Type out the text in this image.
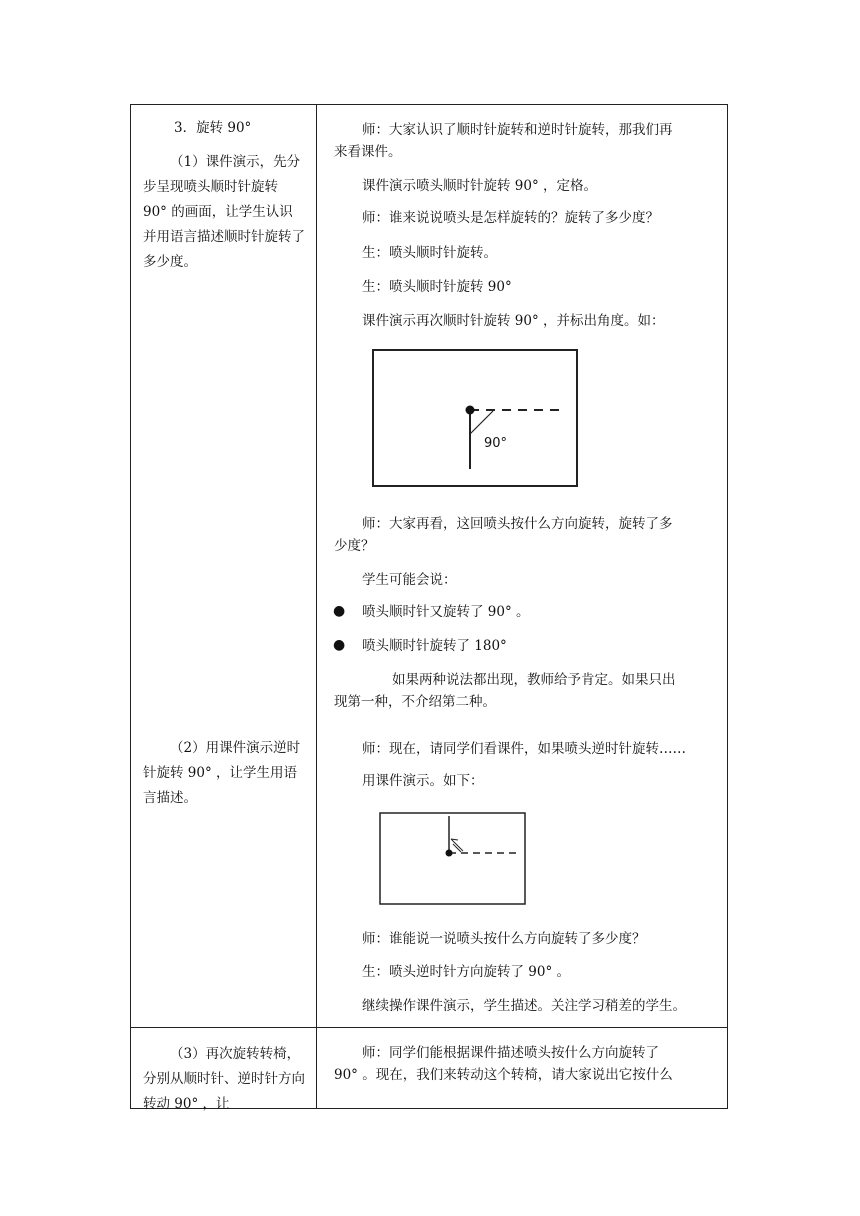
3．旋转 90°
（1）课件演示，先分步呈现喷头顺时针旋转 90° 的画面，让学生认识并用语言描述顺时针旋转了多少度。
（2）用课件演示逆时针旋转 90° ，让学生用语言描述。
（3）再次旋转转椅，分别从顺时针、逆时针方向转动 90° ，让
师：大家认识了顺时针旋转和逆时针旋转，那我们再
来看课件。
课件演示喷头顺时针旋转 90° ，定格。
师：谁来说说喷头是怎样旋转的？旋转了多少度？
生：喷头顺时针旋转。
生：喷头顺时针旋转 90°
课件演示再次顺时针旋转 90° ，并标出角度。如：
90°
师：大家再看，这回喷头按什么方向旋转，旋转了多
少度？
学生可能会说：
● 喷头顺时针又旋转了 90° 。
● 喷头顺时针旋转了 180°
如果两种说法都出现，教师给予肯定。如果只出
现第一种，不介绍第二种。
师：现在，请同学们看课件，如果喷头逆时针旋转……
用课件演示。如下：
师：谁能说一说喷头按什么方向旋转了多少度？
生：喷头逆时针方向旋转了 90° 。
继续操作课件演示，学生描述。关注学习稍差的学生。
师：同学们能根据课件描述喷头按什么方向旋转了
90° 。现在，我们来转动这个转椅，请大家说出它按什么
